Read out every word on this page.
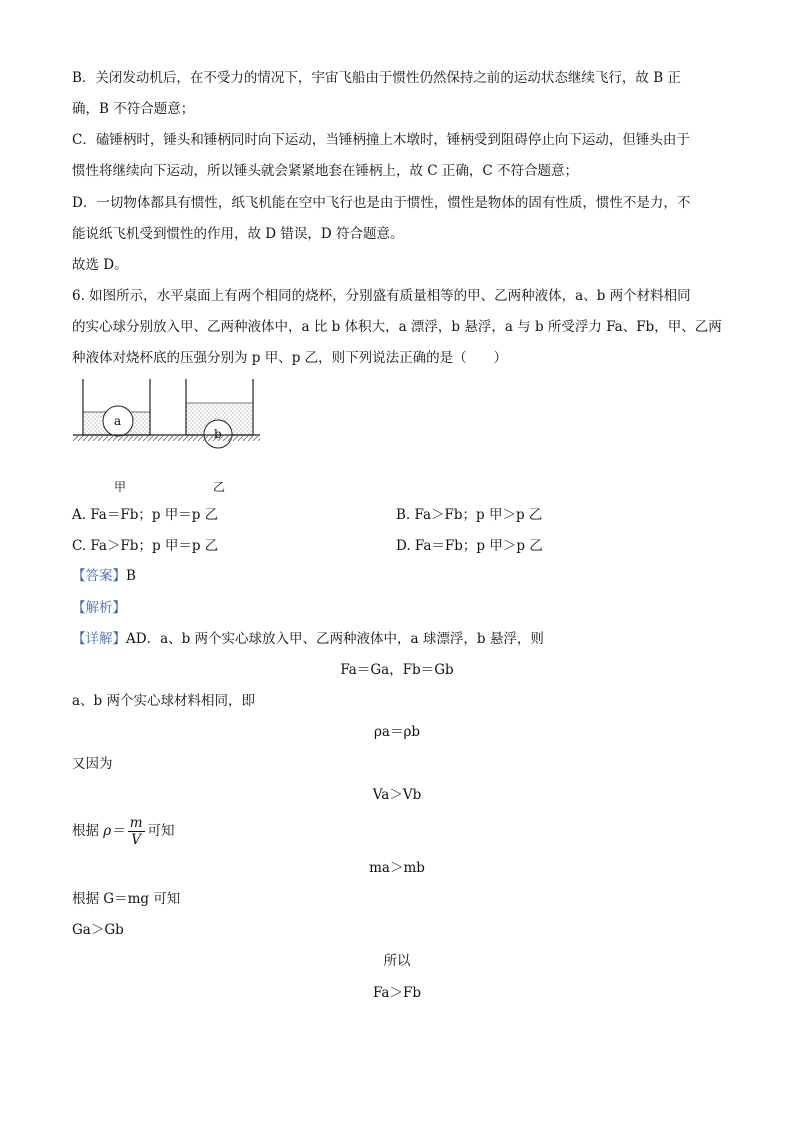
B．关闭发动机后，在不受力的情况下，宇宙飞船由于惯性仍然保持之前的运动状态继续飞行，故 B 正
确，B 不符合题意；
C．磕锤柄时，锤头和锤柄同时向下运动，当锤柄撞上木墩时，锤柄受到阻碍停止向下运动，但锤头由于
惯性将继续向下运动，所以锤头就会紧紧地套在锤柄上，故 C 正确，C 不符合题意；
D．一切物体都具有惯性，纸飞机能在空中飞行也是由于惯性，惯性是物体的固有性质，惯性不是力，不
能说纸飞机受到惯性的作用，故 D 错误，D 符合题意。
故选 D。
6. 如图所示，水平桌面上有两个相同的烧杯，分别盛有质量相等的甲、乙两种液体，a、b 两个材料相同
的实心球分别放入甲、乙两种液体中，a 比 b 体积大，a 漂浮，b 悬浮，a 与 b 所受浮力 Fa、Fb，甲、乙两
种液体对烧杯底的压强分别为 p 甲、p 乙，则下列说法正确的是（　　）
a
b
甲	乙
A. Fa＝Fb；p 甲＝p 乙	B. Fa＞Fb；p 甲＞p 乙
C. Fa＞Fb；p 甲＝p 乙	D. Fa＝Fb；p 甲＞p 乙
【答案】B
【解析】
【详解】AD．a、b 两个实心球放入甲、乙两种液体中，a 球漂浮，b 悬浮，则
Fa＝Ga，Fb＝Gb
a、b 两个实心球材料相同，即
ρa＝ρb
又因为
Va＞Vb
根据 $\rho= \frac{m}{V}$ 可知
ma＞mb
根据 G＝mg 可知
Ga＞Gb
所以
Fa＞Fb
